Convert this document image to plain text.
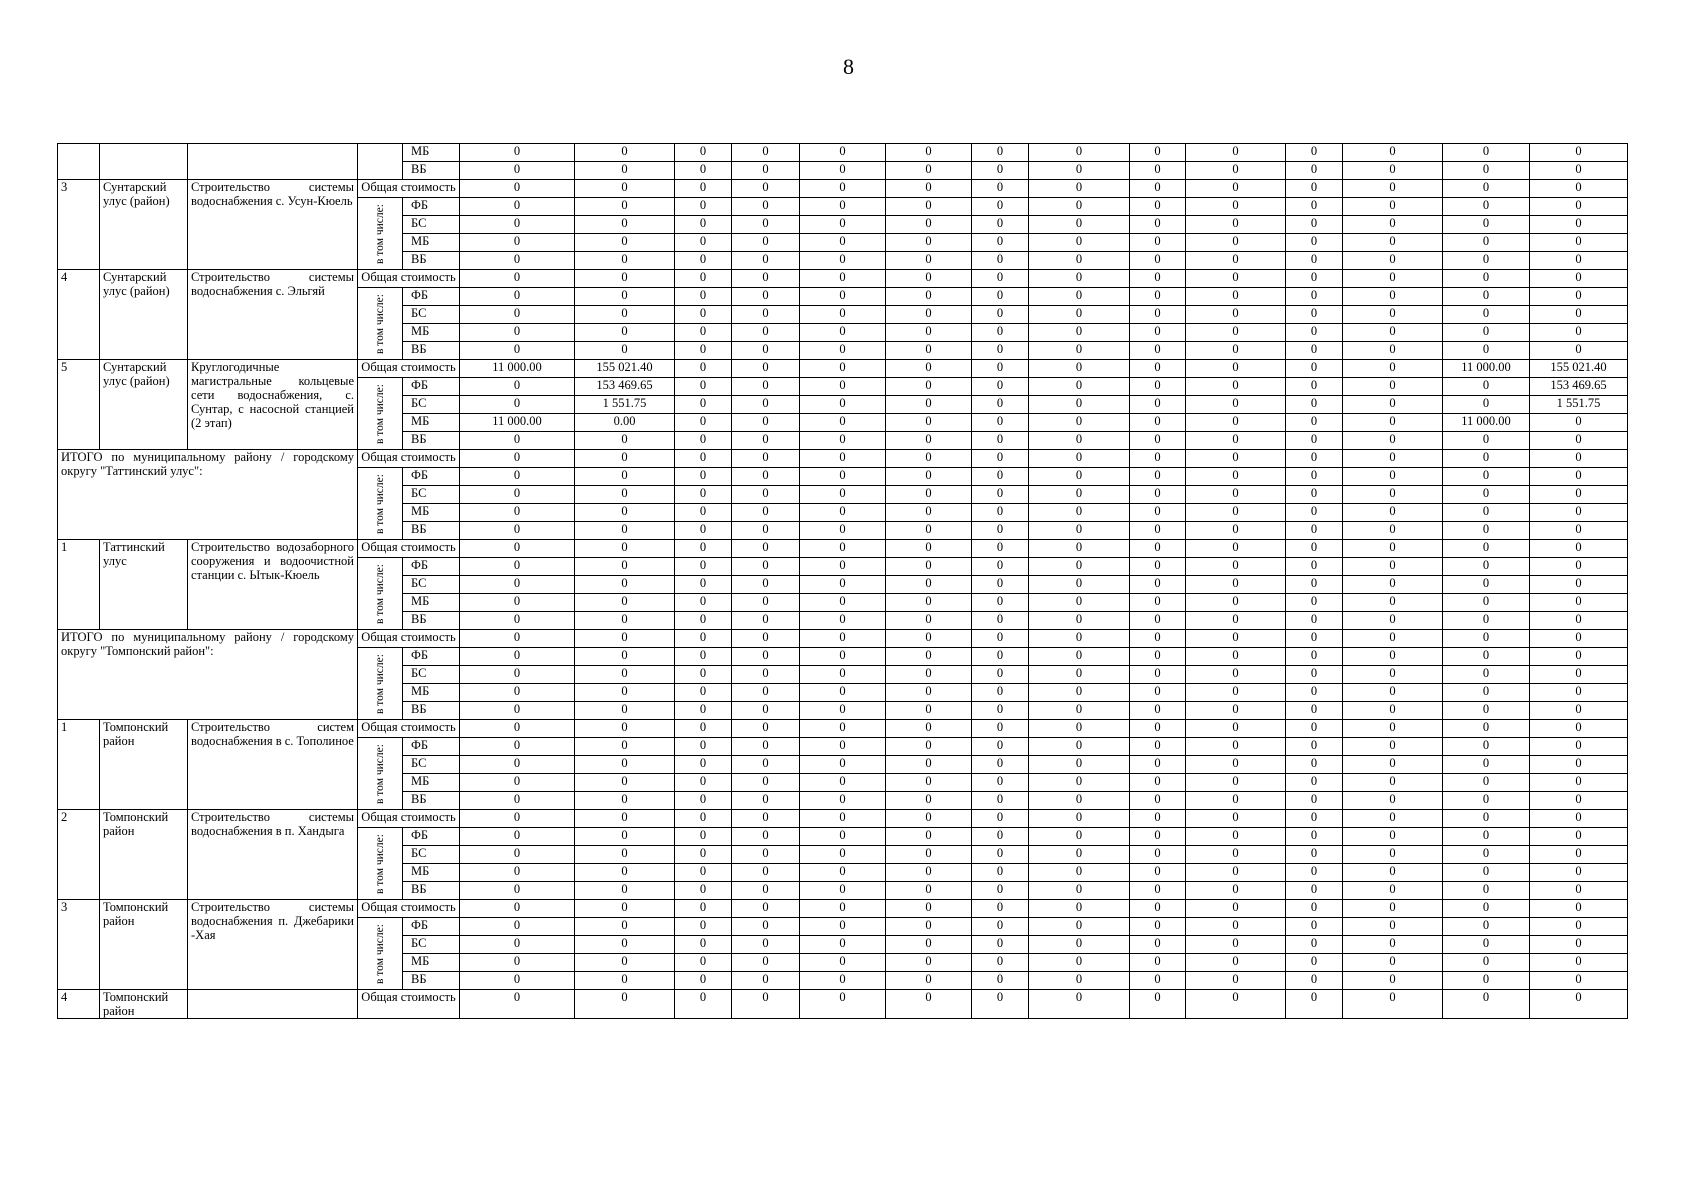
8
				МБ	0	0	0	0	0	0	0	0	0	0	0	0	0	0
				ВБ	0	0	0	0	0	0	0	0	0	0	0	0	0	0
3	Сунтарский улус (район)	Строительство системы водоснабжения с. Усун-Кюель	Общая стоимость		0	0	0	0	0	0	0	0	0	0	0	0	0	0

			в том числе:	ФБ	0	0	0	0	0	0	0	0	0	0	0	0	0	0
				БС	0	0	0	0	0	0	0	0	0	0	0	0	0	0
				МБ	0	0	0	0	0	0	0	0	0	0	0	0	0	0
				ВБ	0	0	0	0	0	0	0	0	0	0	0	0	0	0
4	Сунтарский улус (район)	Строительство системы водоснабжения с. Эльгяй	Общая стоимость		0	0	0	0	0	0	0	0	0	0	0	0	0	0

			в том числе:	ФБ	0	0	0	0	0	0	0	0	0	0	0	0	0	0
				БС	0	0	0	0	0	0	0	0	0	0	0	0	0	0
				МБ	0	0	0	0	0	0	0	0	0	0	0	0	0	0
				ВБ	0	0	0	0	0	0	0	0	0	0	0	0	0	0
5	Сунтарский улус (район)	Круглогодичные магистральные кольцевые сети водоснабжения, с. Сунтар, с насосной станцией (2 этап)	Общая стоимость		11 000.00	155 021.40	0	0	0	0	0	0	0	0	0	0	11 000.00	155 021.40

			в том числе:	ФБ	0	153 469.65	0	0	0	0	0	0	0	0	0	0	0	153 469.65
				БС	0	1 551.75	0	0	0	0	0	0	0	0	0	0	0	1 551.75
				МБ	11 000.00	0.00	0	0	0	0	0	0	0	0	0	0	11 000.00	0
				ВБ	0	0	0	0	0	0	0	0	0	0	0	0	0	0
ИТОГО по муниципальному району / городскому округу "Таттинский улус":			Общая стоимость		0	0	0	0	0	0	0	0	0	0	0	0	0	0

			в том числе:	ФБ	0	0	0	0	0	0	0	0	0	0	0	0	0	0
				БС	0	0	0	0	0	0	0	0	0	0	0	0	0	0
				МБ	0	0	0	0	0	0	0	0	0	0	0	0	0	0
				ВБ	0	0	0	0	0	0	0	0	0	0	0	0	0	0
1	Таттинский улус	Строительство водозаборного сооружения и водоочистной станции с. Ытык-Кюель	Общая стоимость		0	0	0	0	0	0	0	0	0	0	0	0	0	0

			в том числе:	ФБ	0	0	0	0	0	0	0	0	0	0	0	0	0	0
				БС	0	0	0	0	0	0	0	0	0	0	0	0	0	0
				МБ	0	0	0	0	0	0	0	0	0	0	0	0	0	0
				ВБ	0	0	0	0	0	0	0	0	0	0	0	0	0	0
ИТОГО по муниципальному району / городскому округу "Томпонский район":			Общая стоимость		0	0	0	0	0	0	0	0	0	0	0	0	0	0

			в том числе:	ФБ	0	0	0	0	0	0	0	0	0	0	0	0	0	0
				БС	0	0	0	0	0	0	0	0	0	0	0	0	0	0
				МБ	0	0	0	0	0	0	0	0	0	0	0	0	0	0
				ВБ	0	0	0	0	0	0	0	0	0	0	0	0	0	0
1	Томпонский район	Строительство систем водоснабжения в с. Тополиное	Общая стоимость		0	0	0	0	0	0	0	0	0	0	0	0	0	0

			в том числе:	ФБ	0	0	0	0	0	0	0	0	0	0	0	0	0	0
				БС	0	0	0	0	0	0	0	0	0	0	0	0	0	0
				МБ	0	0	0	0	0	0	0	0	0	0	0	0	0	0
				ВБ	0	0	0	0	0	0	0	0	0	0	0	0	0	0
2	Томпонский район	Строительство системы водоснабжения в п. Хандыга	Общая стоимость		0	0	0	0	0	0	0	0	0	0	0	0	0	0

			в том числе:	ФБ	0	0	0	0	0	0	0	0	0	0	0	0	0	0
				БС	0	0	0	0	0	0	0	0	0	0	0	0	0	0
				МБ	0	0	0	0	0	0	0	0	0	0	0	0	0	0
				ВБ	0	0	0	0	0	0	0	0	0	0	0	0	0	0
3	Томпонский район	Строительство системы водоснабжения п. Джебарики -Хая	Общая стоимость		0	0	0	0	0	0	0	0	0	0	0	0	0	0

			в том числе:	ФБ	0	0	0	0	0	0	0	0	0	0	0	0	0	0
				БС	0	0	0	0	0	0	0	0	0	0	0	0	0	0
				МБ	0	0	0	0	0	0	0	0	0	0	0	0	0	0
				ВБ	0	0	0	0	0	0	0	0	0	0	0	0	0	0
4	Томпонский район		Общая стоимость		0	0	0	0	0	0	0	0	0	0	0	0	0	0
